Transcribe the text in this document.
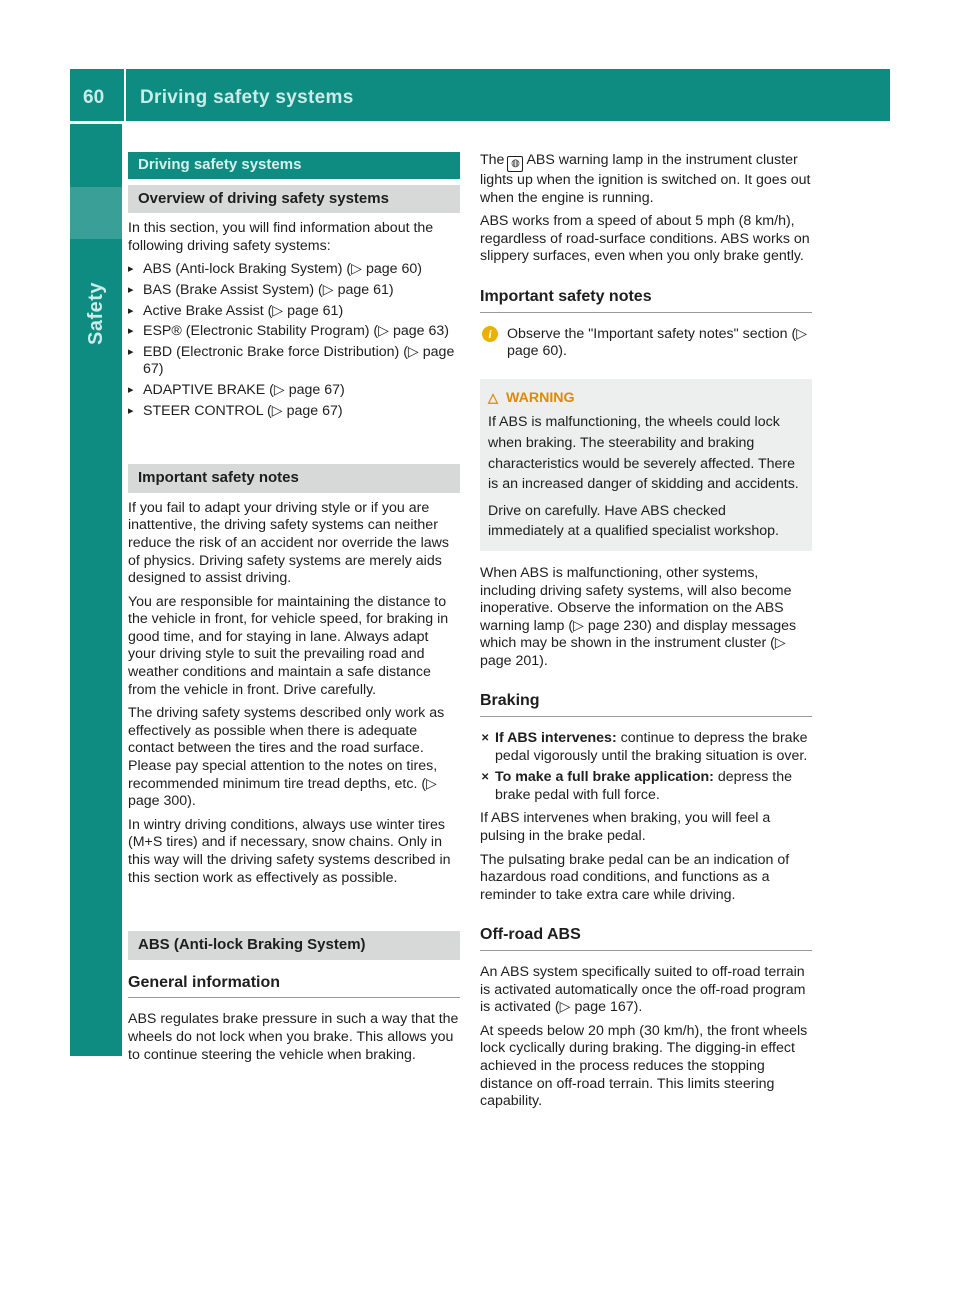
60 Driving safety systems
Safety
Driving safety systems
Overview of driving safety systems

In this section, you will find information about the following driving safety systems:

▸ ABS (Anti-lock Braking System) (▷ page 60)
▸ BAS (Brake Assist System) (▷ page 61)
▸ Active Brake Assist (▷ page 61)
▸ ESP® (Electronic Stability Program) (▷ page 63)
▸ EBD (Electronic Brake force Distribution) (▷ page 67)
▸ ADAPTIVE BRAKE (▷ page 67)
▸ STEER CONTROL (▷ page 67)
Important safety notes

If you fail to adapt your driving style or if you are inattentive, the driving safety systems can neither reduce the risk of an accident nor override the laws of physics. Driving safety systems are merely aids designed to assist driving.

You are responsible for maintaining the distance to the vehicle in front, for vehicle speed, for braking in good time, and for staying in lane. Always adapt your driving style to suit the prevailing road and weather conditions and maintain a safe distance from the vehicle in front. Drive carefully.

The driving safety systems described only work as effectively as possible when there is adequate contact between the tires and the road surface. Please pay special attention to the notes on tires, recommended minimum tire tread depths, etc. (▷ page 300).

In wintry driving conditions, always use winter tires (M+S tires) and if necessary, snow chains. Only in this way will the driving safety systems described in this section work as effectively as possible.

ABS (Anti-lock Braking System)
General information

ABS regulates brake pressure in such a way that the wheels do not lock when you brake. This allows you to continue steering the vehicle when braking.

The ◍ ABS warning lamp in the instrument cluster lights up when the ignition is switched on. It goes out when the engine is running.

ABS works from a speed of about 5 mph (8 km/h), regardless of road-surface conditions. ABS works on slippery surfaces, even when you only brake gently.

Important safety notes
i	Observe the "Important safety notes" section (▷ page 60).
△ WARNING
If ABS is malfunctioning, the wheels could lock when braking. The steerability and braking characteristics would be severely affected. There is an increased danger of skidding and accidents.
Drive on carefully. Have ABS checked immediately at a qualified specialist workshop.

When ABS is malfunctioning, other systems, including driving safety systems, will also become inoperative. Observe the information on the ABS warning lamp (▷ page 230) and display messages which may be shown in the instrument cluster (▷ page 201).

Braking
✕ If ABS intervenes: continue to depress the brake pedal vigorously until the braking situation is over.
✕ To make a full brake application: depress the brake pedal with full force.

If ABS intervenes when braking, you will feel a pulsing in the brake pedal.

The pulsating brake pedal can be an indication of hazardous road conditions, and functions as a reminder to take extra care while driving.

Off-road ABS

An ABS system specifically suited to off-road terrain is activated automatically once the off-road program is activated (▷ page 167).

At speeds below 20 mph (30 km/h), the front wheels lock cyclically during braking. The digging-in effect achieved in the process reduces the stopping distance on off-road terrain. This limits steering capability.
